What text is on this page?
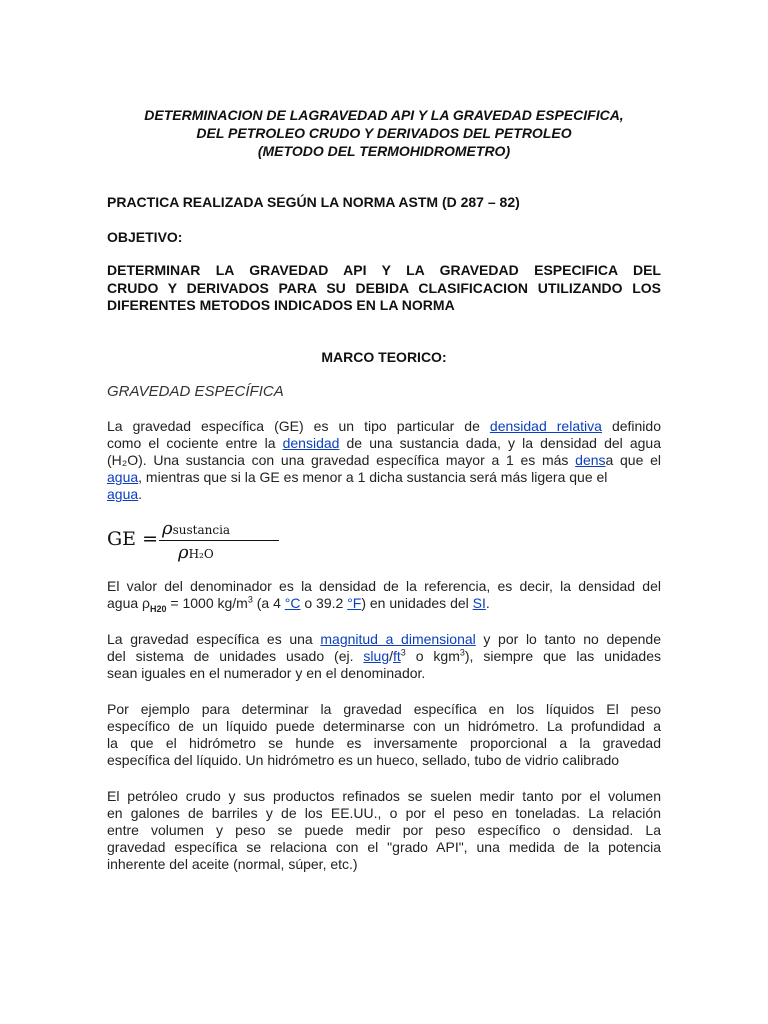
DETERMINACION DE LAGRAVEDAD API Y LA GRAVEDAD ESPECIFICA,
DEL PETROLEO CRUDO Y DERIVADOS DEL PETROLEO
(METODO DEL TERMOHIDROMETRO)
PRACTICA REALIZADA SEGÚN LA NORMA ASTM (D 287 – 82)
OBJETIVO:
DETERMINAR LA GRAVEDAD API Y LA GRAVEDAD ESPECIFICA DEL
CRUDO Y DERIVADOS PARA SU DEBIDA CLASIFICACION UTILIZANDO LOS
DIFERENTES METODOS INDICADOS EN LA NORMA
MARCO TEORICO:
GRAVEDAD ESPECÍFICA
La gravedad específica (GE) es un tipo particular de densidad relativa definido
como el cociente entre la densidad de una sustancia dada, y la densidad del agua
(H₂O). Una sustancia con una gravedad específica mayor a 1 es más densa que el
agua, mientras que si la GE es menor a 1 dicha sustancia será más ligera que el
agua.
GE = ρsustancia
ρH₂O
El valor del denominador es la densidad de la referencia, es decir, la densidad del
agua $\rho_{H20} = 1000$ $kg/m^3$ (a 4 °C o 39.2 °F) en unidades del SI.
La gravedad específica es una magnitud a dimensional y por lo tanto no depende
del sistema de unidades usado (ej. slug/$ft^3$ o kgm$^3$), siempre que las unidades
sean iguales en el numerador y en el denominador.
Por ejemplo para determinar la gravedad específica en los líquidos El peso
específico de un líquido puede determinarse con un hidrómetro. La profundidad a
la que el hidrómetro se hunde es inversamente proporcional a la gravedad
específica del líquido. Un hidrómetro es un hueco, sellado, tubo de vidrio calibrado
El petróleo crudo y sus productos refinados se suelen medir tanto por el volumen
en galones de barriles y de los EE.UU., o por el peso en toneladas. La relación
entre volumen y peso se puede medir por peso específico o densidad. La
gravedad específica se relaciona con el "grado API", una medida de la potencia
inherente del aceite (normal, súper, etc.)
